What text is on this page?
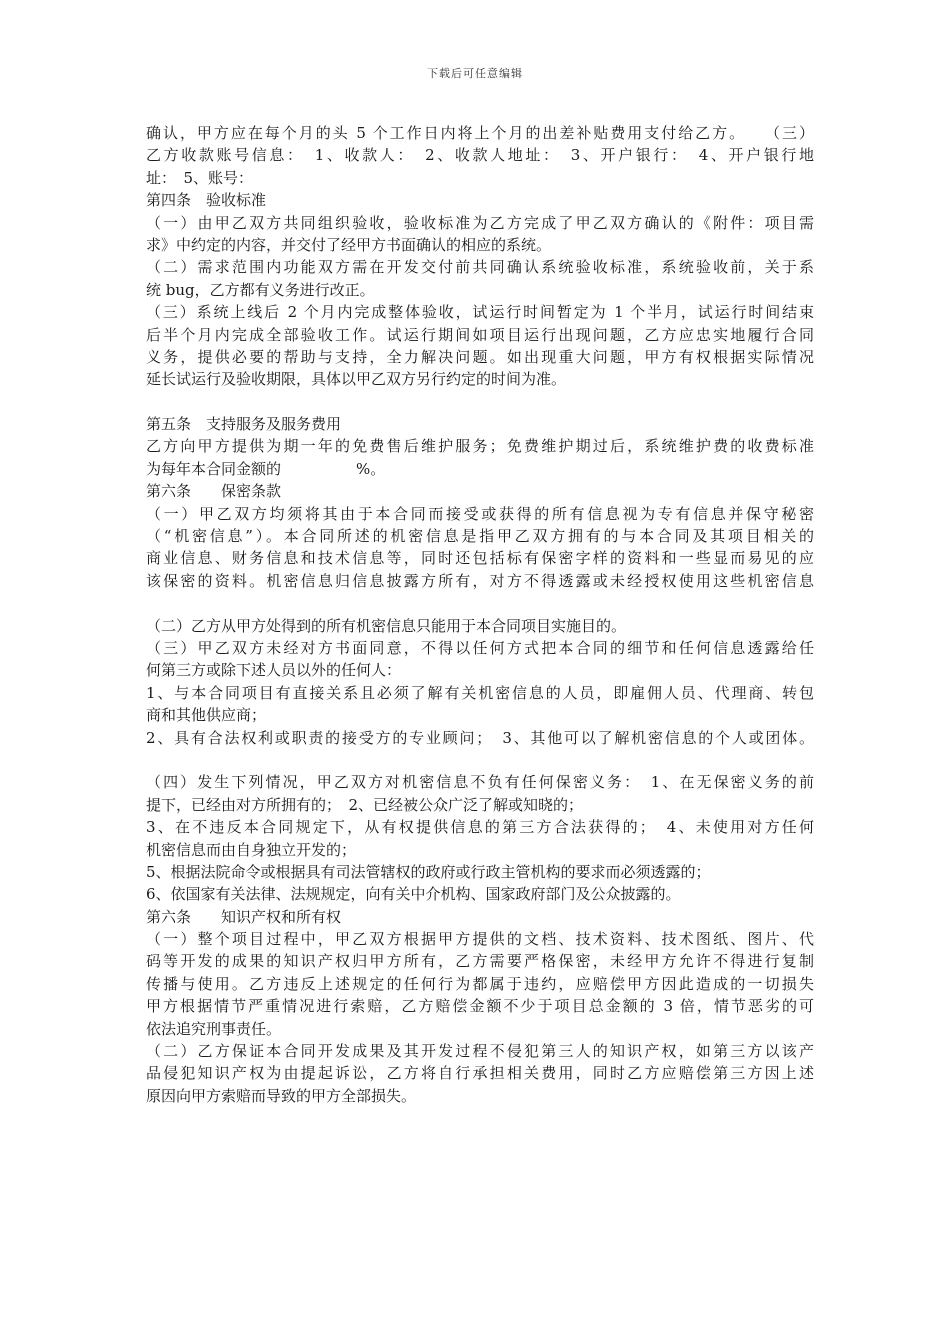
下载后可任意编辑
确认，甲方应在每个月的头 5 个工作日内将上个月的出差补贴费用支付给乙方。　　（三）
乙方收款账号信息：　1、收款人：　2、收款人地址：　3、开户银行：　4、开户银行地
址：　5、账号：
第四条　验收标准
（一）由甲乙双方共同组织验收，验收标准为乙方完成了甲乙双方确认的《附件：项目需
求》中约定的内容，并交付了经甲方书面确认的相应的系统。
（二）需求范围内功能双方需在开发交付前共同确认系统验收标准，系统验收前，关于系
统 bug，乙方都有义务进行改正。
（三）系统上线后 2 个月内完成整体验收，试运行时间暂定为 1 个半月，试运行时间结束
后半个月内完成全部验收工作。试运行期间如项目运行出现问题，乙方应忠实地履行合同
义务，提供必要的帮助与支持，全力解决问题。如出现重大问题，甲方有权根据实际情况
延长试运行及验收期限，具体以甲乙双方另行约定的时间为准。
第五条　支持服务及服务费用
乙方向甲方提供为期一年的免费售后维护服务；免费维护期过后，系统维护费的收费标准
为每年本合同金额的　　　　　%。
第六条　　保密条款
（一）甲乙双方均须将其由于本合同而接受或获得的所有信息视为专有信息并保守秘密
（“机密信息”）。本合同所述的机密信息是指甲乙双方拥有的与本合同及其项目相关的
商业信息、财务信息和技术信息等，同时还包括标有保密字样的资料和一些显而易见的应
该保密的资料。机密信息归信息披露方所有，对方不得透露或未经授权使用这些机密信息
（二）乙方从甲方处得到的所有机密信息只能用于本合同项目实施目的。
（三）甲乙双方未经对方书面同意，不得以任何方式把本合同的细节和任何信息透露给任
何第三方或除下述人员以外的任何人：
1、与本合同项目有直接关系且必须了解有关机密信息的人员，即雇佣人员、代理商、转包
商和其他供应商；
2、具有合法权利或职责的接受方的专业顾问；　3、其他可以了解机密信息的个人或团体。
（四）发生下列情况，甲乙双方对机密信息不负有任何保密义务：　1、在无保密义务的前
提下，已经由对方所拥有的；　2、已经被公众广泛了解或知晓的；
3、在不违反本合同规定下，从有权提供信息的第三方合法获得的；　4、未使用对方任何
机密信息而由自身独立开发的；
5、根据法院命令或根据具有司法管辖权的政府或行政主管机构的要求而必须透露的；
6、依国家有关法律、法规规定，向有关中介机构、国家政府部门及公众披露的。
第六条　　知识产权和所有权
（一）整个项目过程中，甲乙双方根据甲方提供的文档、技术资料、技术图纸、图片、代
码等开发的成果的知识产权归甲方所有，乙方需要严格保密，未经甲方允许不得进行复制
传播与使用。乙方违反上述规定的任何行为都属于违约，应赔偿甲方因此造成的一切损失
甲方根据情节严重情况进行索赔，乙方赔偿金额不少于项目总金额的 3 倍，情节恶劣的可
依法追究刑事责任。
（二）乙方保证本合同开发成果及其开发过程不侵犯第三人的知识产权，如第三方以该产
品侵犯知识产权为由提起诉讼，乙方将自行承担相关费用，同时乙方应赔偿第三方因上述
原因向甲方索赔而导致的甲方全部损失。
